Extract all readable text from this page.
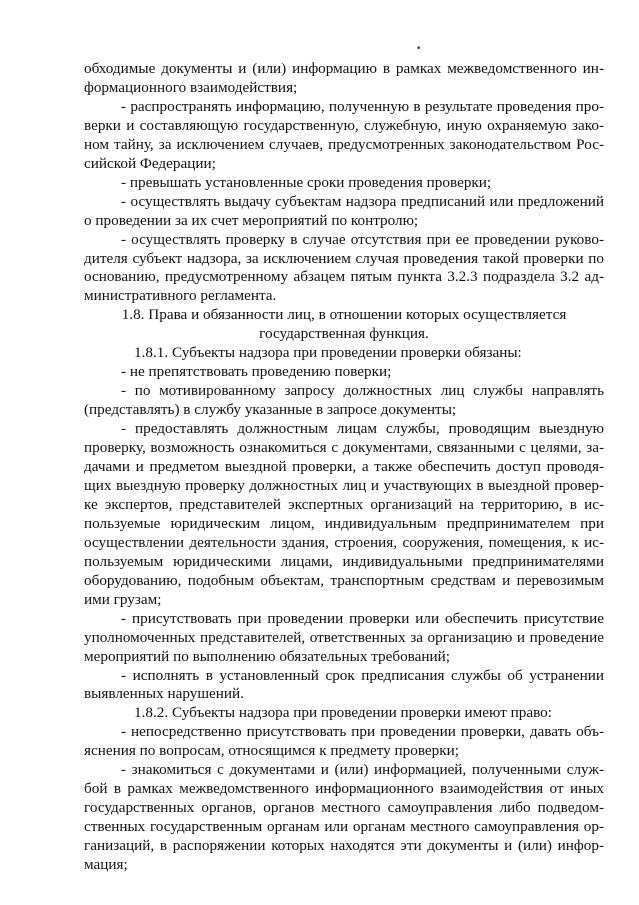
•

обходимые документы и (или) информацию в рамках межведомственного информационного взаимодействия;

- распространять информацию, полученную в результате проведения проверки и составляющую государственную, служебную, иную охраняемую законом тайну, за исключением случаев, предусмотренных законодательством Российской Федерации;

- превышать установленные сроки проведения проверки;

- осуществлять выдачу субъектам надзора предписаний или предложений о проведении за их счет мероприятий по контролю;

- осуществлять проверку в случае отсутствия при ее проведении руководителя субъект надзора, за исключением случая проведения такой проверки по основанию, предусмотренному абзацем пятым пункта 3.2.3 подраздела 3.2 административного регламента.

1.8. Права и обязанности лиц, в отношении которых осуществляется государственная функция.

1.8.1. Субъекты надзора при проведении проверки обязаны:

- не препятствовать проведению поверки;

- по мотивированному запросу должностных лиц службы направлять (представлять) в службу указанные в запросе документы;

- предоставлять должностным лицам службы, проводящим выездную проверку, возможность ознакомиться с документами, связанными с целями, задачами и предметом выездной проверки, а также обеспечить доступ проводящих выездную проверку должностных лиц и участвующих в выездной проверке экспертов, представителей экспертных организаций на территорию, в используемые юридическим лицом, индивидуальным предпринимателем при осуществлении деятельности здания, строения, сооружения, помещения, к используемым юридическими лицами, индивидуальными предпринимателями оборудованию, подобным объектам, транспортным средствам и перевозимым ими грузам;

- присутствовать при проведении проверки или обеспечить присутствие уполномоченных представителей, ответственных за организацию и проведение мероприятий по выполнению обязательных требований;

- исполнять в установленный срок предписания службы об устранении выявленных нарушений.

1.8.2. Субъекты надзора при проведении проверки имеют право:

- непосредственно присутствовать при проведении проверки, давать объяснения по вопросам, относящимся к предмету проверки;

- знакомиться с документами и (или) информацией, полученными службой в рамках межведомственного информационного взаимодействия от иных государственных органов, органов местного самоуправления либо подведомственных государственным органам или органам местного самоуправления организаций, в распоряжении которых находятся эти документы и (или) информация;
